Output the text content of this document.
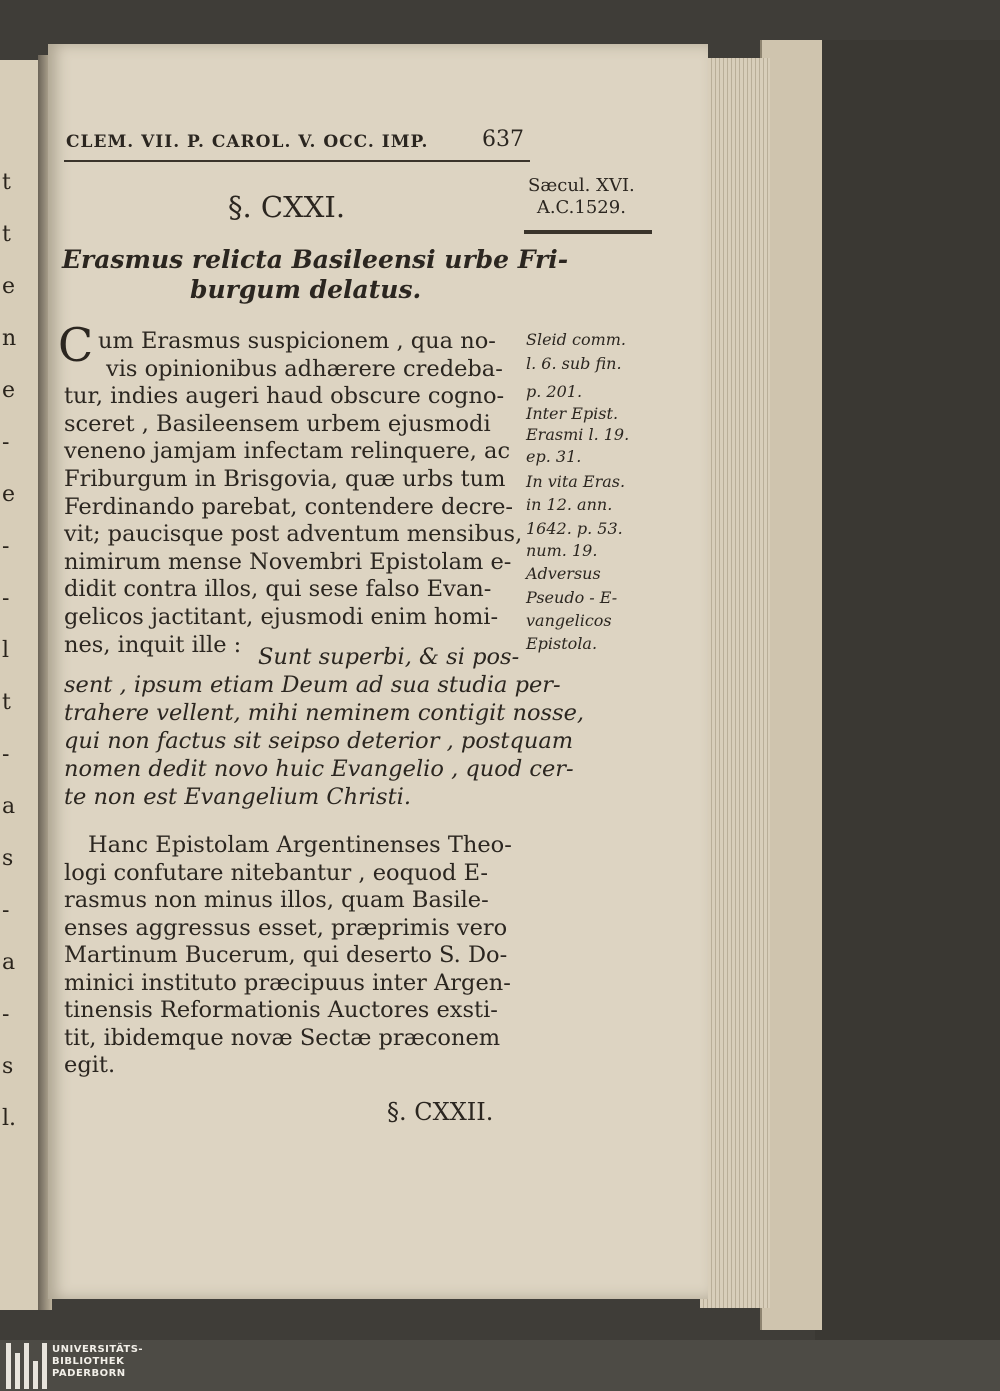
t
t
e
n
e
-
e
-
-
l
t
-
a
s
-
a
-
s
l.
CLEM. VII. P. CAROL. V. OCC. IMP. 637
Sæcul. XVI.
A.C.1529.
§. CXXI.
Erasmus relicta Basileensi urbe Fri-
burgum delatus.
C um Erasmus suspicionem , qua no-
vis opinionibus adhærere credeba-
tur, indies augeri haud obscure cogno-
sceret , Basileensem urbem ejusmodi
veneno jamjam infectam relinquere, ac
Friburgum in Brisgovia, quæ urbs tum
Ferdinando parebat, contendere decre-
vit; paucisque post adventum mensibus,
nimirum mense Novembri Epistolam e-
didit contra illos, qui sese falso Evan-
gelicos jactitant, ejusmodi enim homi-
nes, inquit ille : Sunt superbi, & si pos-
sent , ipsum etiam Deum ad sua studia per-
trahere vellent, mihi neminem contigit nosse,
qui non factus sit seipso deterior , postquam
nomen dedit novo huic Evangelio , quod cer-
te non est Evangelium Christi.
Hanc Epistolam Argentinenses Theo-
logi confutare nitebantur , eoquod E-
rasmus non minus illos, quam Basile-
enses aggressus esset, præprimis vero
Martinum Bucerum, qui deserto S. Do-
minici instituto præcipuus inter Argen-
tinensis Reformationis Auctores exsti-
tit, ibidemque novæ Sectæ præconem
egit.
§. CXXII.
Sleid comm.
l. 6. sub fin.
p. 201.
Inter Epist.
Erasmi l. 19.
ep. 31.
In vita Eras.
in 12. ann.
1642. p. 53.
num. 19.
Adversus
Pseudo - E-
vangelicos
Epistola.
UNIVERSITÄTS-
BIBLIOTHEK
PADERBORN
